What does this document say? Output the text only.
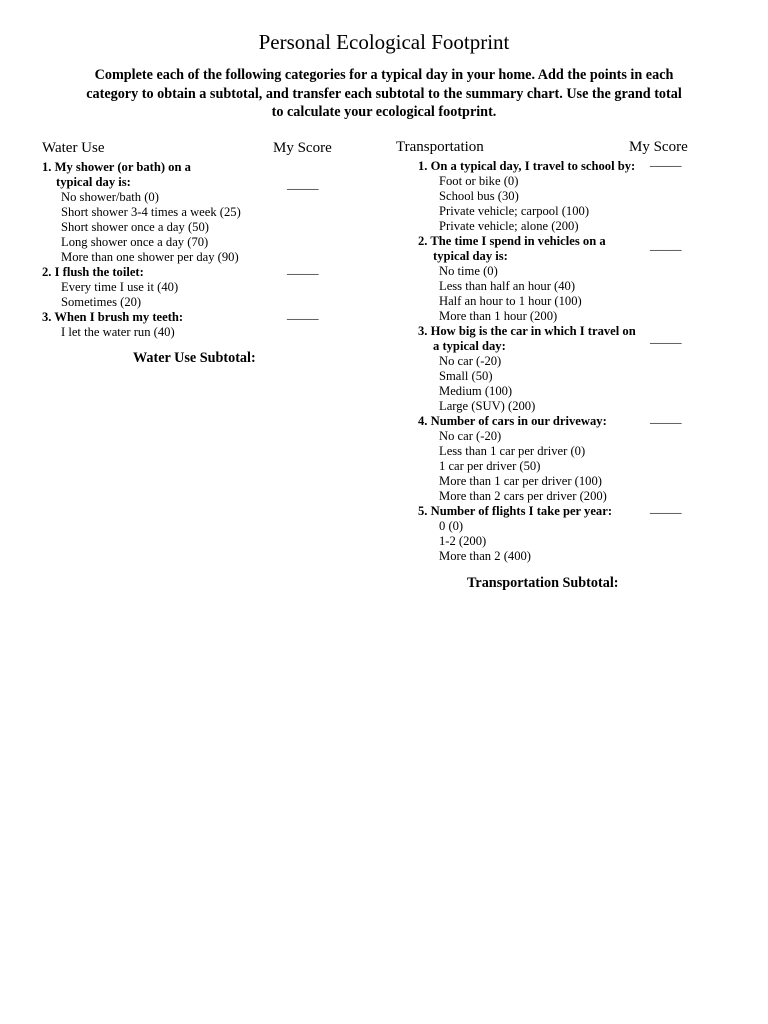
Personal Ecological Footprint

Complete each of the following categories for a typical day in your home. Add the points in each category to obtain a subtotal, and transfer each subtotal to the summary chart. Use the grand total to calculate your ecological footprint.

Water Use	My Score
1. My shower (or bath) on a
typical day is:	_____
No shower/bath (0)
Short shower 3-4 times a week (25)
Short shower once a day (50)
Long shower once a day (70)
More than one shower per day (90)
2. I flush the toilet:	_____
Every time I use it (40)
Sometimes (20)
3. When I brush my teeth:	_____
I let the water run (40)
Water Use Subtotal:
Transportation	My Score
1. On a typical day, I travel to school by:	_____
Foot or bike (0)
School bus (30)
Private vehicle; carpool (100)
Private vehicle; alone (200)
2. The time I spend in vehicles on a
typical day is:
_____
No time (0)
Less than half an hour (40)
Half an hour to 1 hour (100)
More than 1 hour (200)
3. How big is the car in which I travel on
a typical day:
_____
No car (-20)
Small (50)
Medium (100)
Large (SUV) (200)
4. Number of cars in our driveway:	_____
No car (-20)
Less than 1 car per driver (0)
1 car per driver (50)
More than 1 car per driver (100)
More than 2 cars per driver (200)
5. Number of flights I take per year:	_____
0 (0)
1-2 (200)
More than 2 (400)
Transportation Subtotal:
